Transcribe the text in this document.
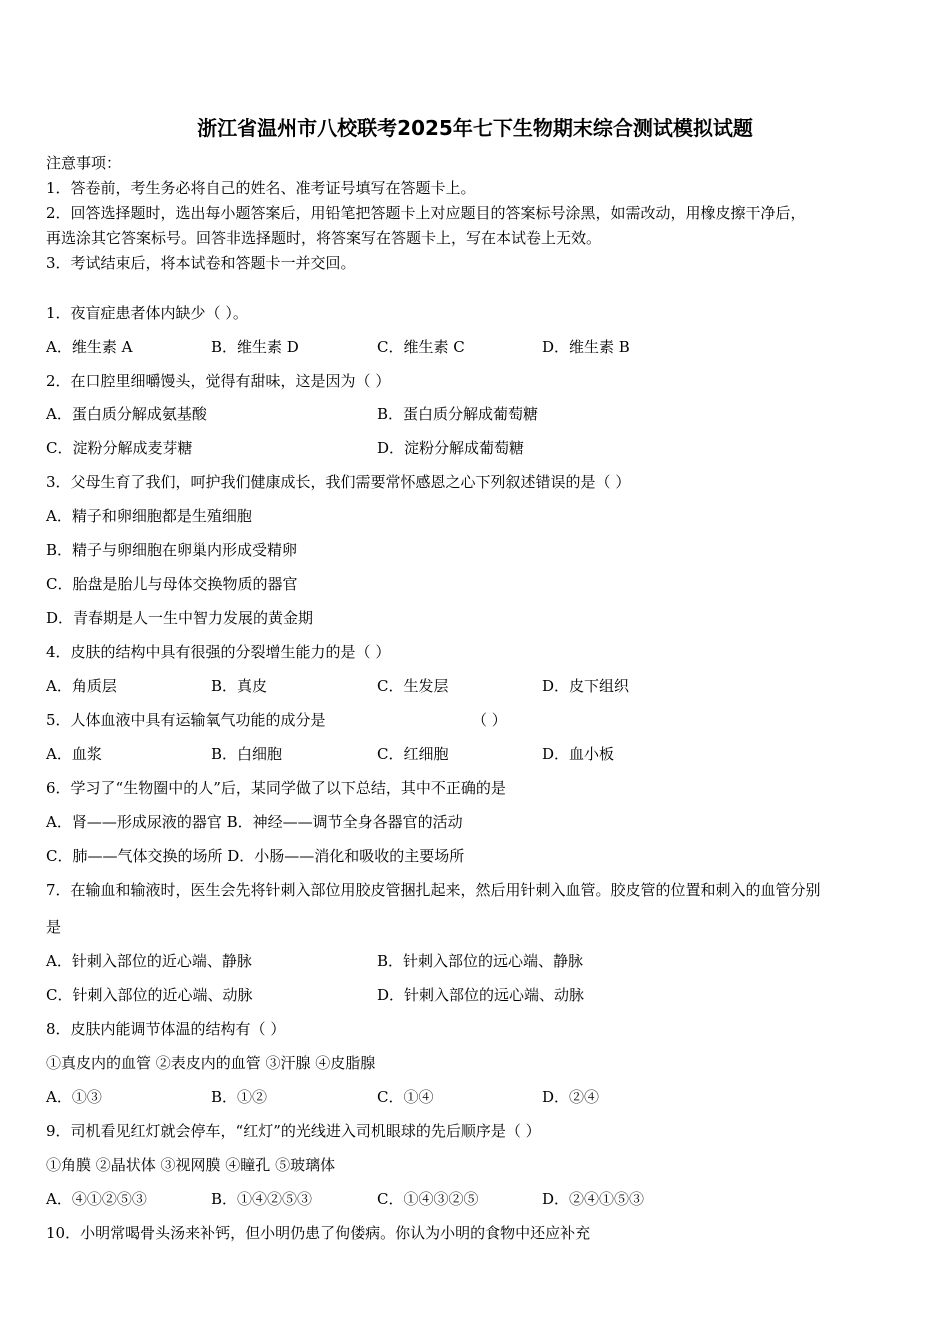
浙江省温州市八校联考2025年七下生物期末综合测试模拟试题
注意事项：
1．答卷前，考生务必将自己的姓名、准考证号填写在答题卡上。
2．回答选择题时，选出每小题答案后，用铅笔把答题卡上对应题目的答案标号涂黑，如需改动，用橡皮擦干净后，
再选涂其它答案标号。回答非选择题时，将答案写在答题卡上，写在本试卷上无效。
3．考试结束后，将本试卷和答题卡一并交回。
1．夜盲症患者体内缺少（ ）。
A．维生素 A	B．维生素 D	C．维生素 C	D．维生素 B
2．在口腔里细嚼馒头，觉得有甜味，这是因为（ ）
A．蛋白质分解成氨基酸	B．蛋白质分解成葡萄糖
C．淀粉分解成麦芽糖	D．淀粉分解成葡萄糖
3．父母生育了我们，呵护我们健康成长，我们需要常怀感恩之心下列叙述错误的是（ ）
A．精子和卵细胞都是生殖细胞
B．精子与卵细胞在卵巢内形成受精卵
C．胎盘是胎儿与母体交换物质的器官
D．青春期是人一生中智力发展的黄金期
4．皮肤的结构中具有很强的分裂增生能力的是（ ）
A．角质层	B．真皮	C．生发层	D．皮下组织
5．人体血液中具有运输氧气功能的成分是	（ ）
A．血浆	B．白细胞	C．红细胞	D．血小板
6．学习了“生物圈中的人”后，某同学做了以下总结，其中不正确的是
A．肾——形成尿液的器官 B．神经——调节全身各器官的活动
C．肺——气体交换的场所 D．小肠——消化和吸收的主要场所
7．在输血和输液时，医生会先将针刺入部位用胶皮管捆扎起来，然后用针刺入血管。胶皮管的位置和刺入的血管分别
是
A．针刺入部位的近心端、静脉	B．针刺入部位的远心端、静脉
C．针刺入部位的近心端、动脉	D．针刺入部位的远心端、动脉
8．皮肤内能调节体温的结构有（ ）
①真皮内的血管 ②表皮内的血管 ③汗腺 ④皮脂腺
A．①③	B．①②	C．①④	D．②④
9．司机看见红灯就会停车，“红灯”的光线进入司机眼球的先后顺序是（ ）
①角膜 ②晶状体 ③视网膜 ④瞳孔 ⑤玻璃体
A．④①②⑤③	B．①④②⑤③	C．①④③②⑤	D．②④①⑤③
10．小明常喝骨头汤来补钙，但小明仍患了佝偻病。你认为小明的食物中还应补充
